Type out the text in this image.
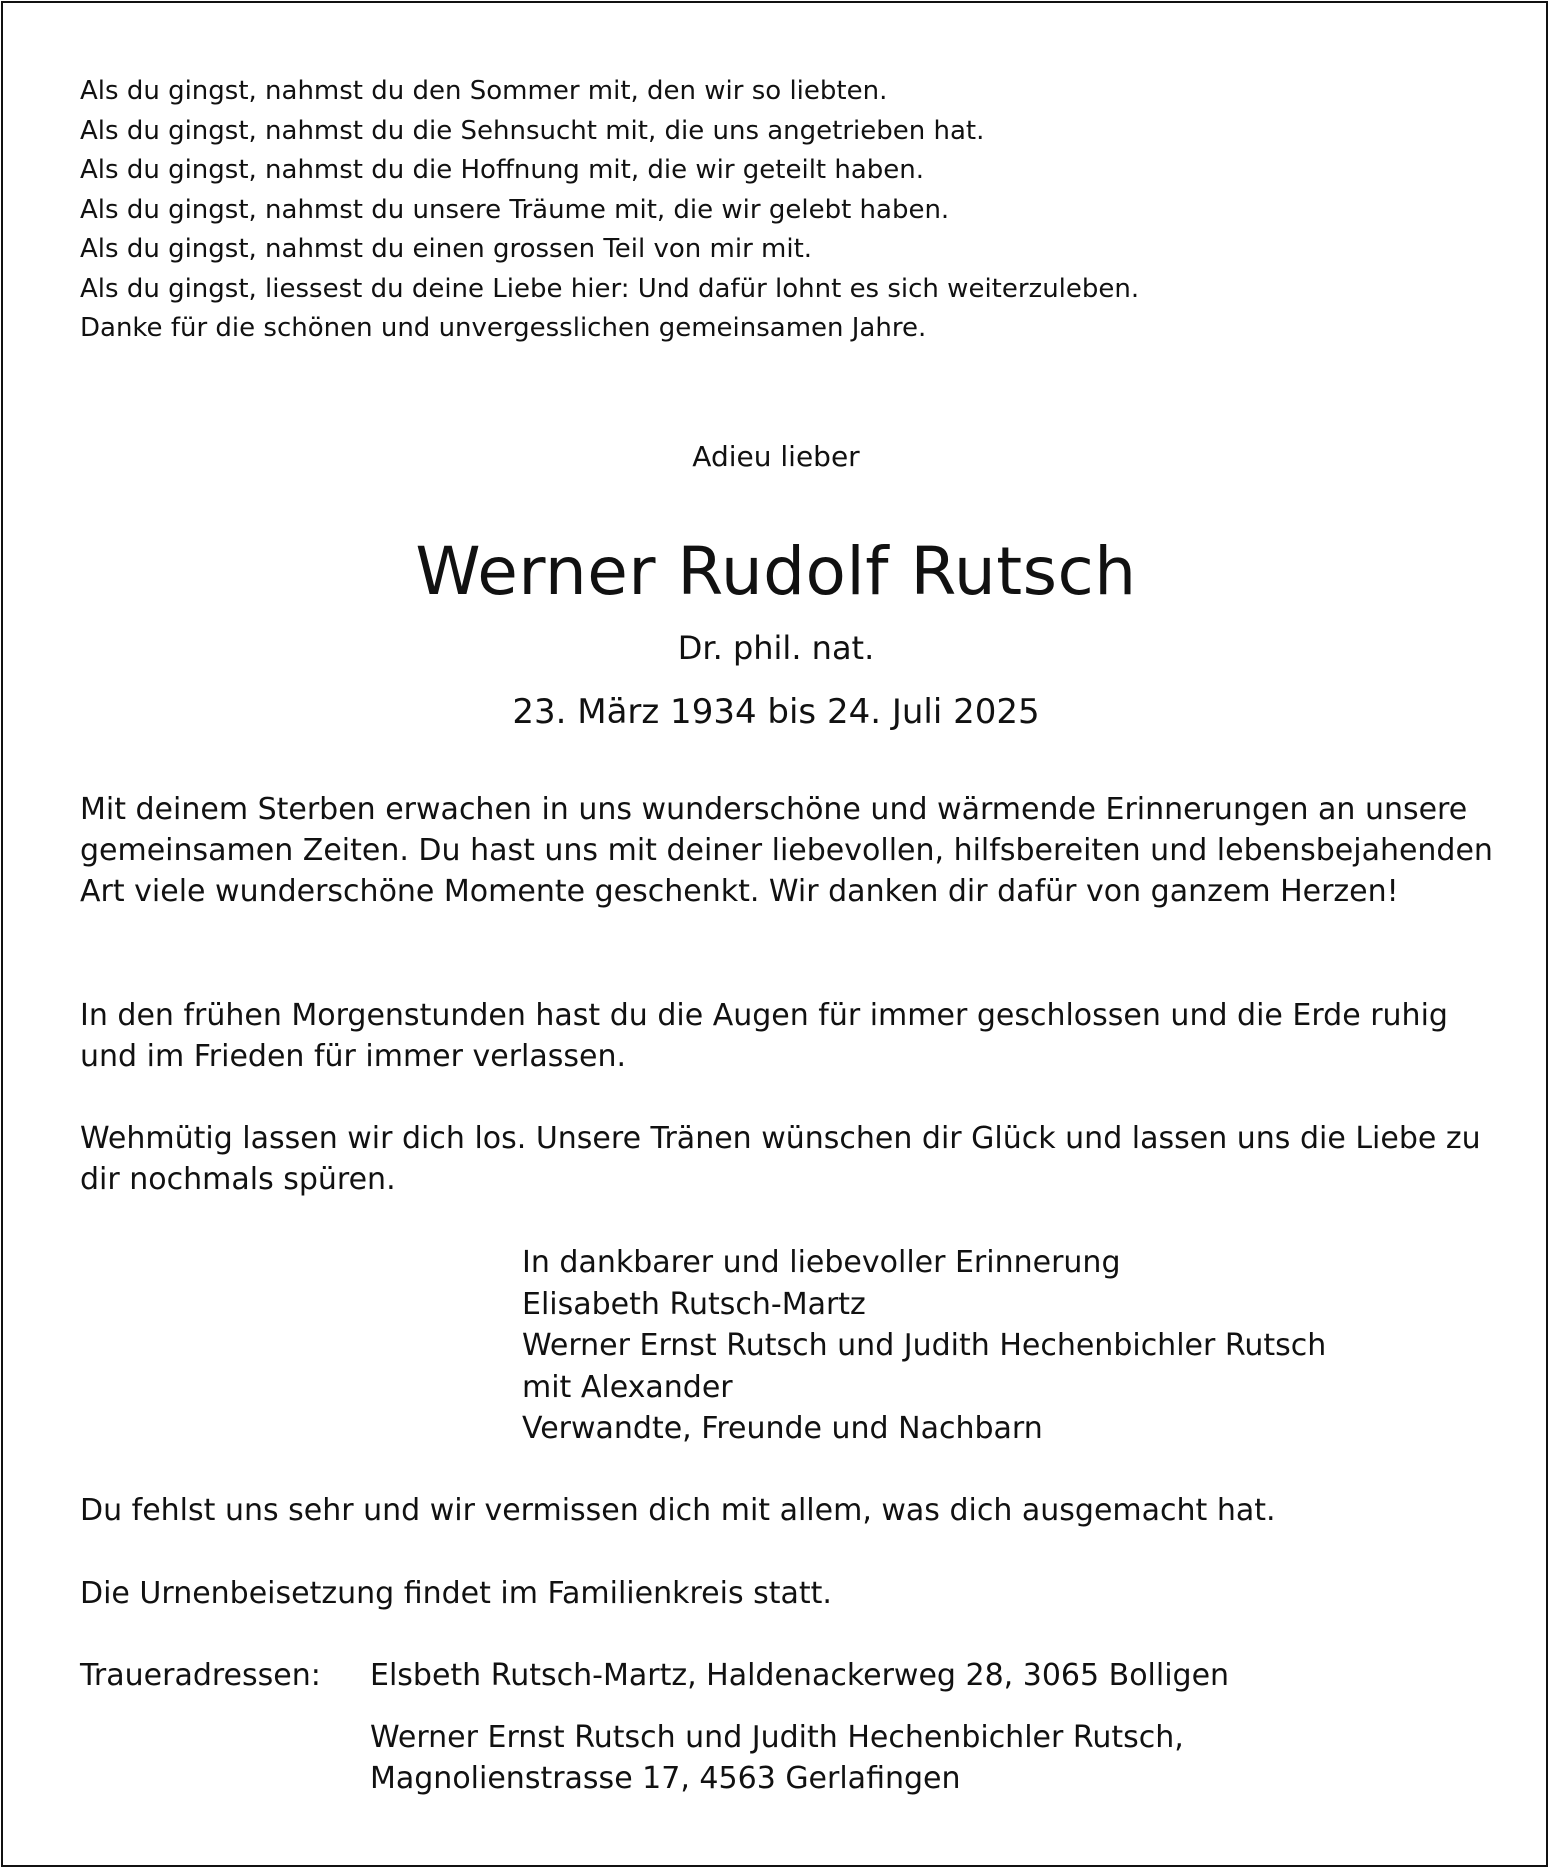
Als du gingst, nahmst du den Sommer mit, den wir so liebten.
Als du gingst, nahmst du die Sehnsucht mit, die uns angetrieben hat.
Als du gingst, nahmst du die Hoffnung mit, die wir geteilt haben.
Als du gingst, nahmst du unsere Träume mit, die wir gelebt haben.
Als du gingst, nahmst du einen grossen Teil von mir mit.
Als du gingst, liessest du deine Liebe hier: Und dafür lohnt es sich weiterzuleben.
Danke für die schönen und unvergesslichen gemeinsamen Jahre.
Adieu lieber
Werner Rudolf Rutsch
Dr. phil. nat.
23. März 1934 bis 24. Juli 2025

Mit deinem Sterben erwachen in uns wunderschöne und wärmende Erinnerungen an unsere gemeinsamen Zeiten. Du hast uns mit deiner liebevollen, hilfsbereiten und lebensbejahenden Art viele wunderschöne Momente geschenkt. Wir danken dir dafür von ganzem Herzen!

In den frühen Morgenstunden hast du die Augen für immer geschlossen und die Erde ruhig und im Frieden für immer verlassen.

Wehmütig lassen wir dich los. Unsere Tränen wünschen dir Glück und lassen uns die Liebe zu dir nochmals spüren.

In dankbarer und liebevoller Erinnerung
Elisabeth Rutsch-Martz
Werner Ernst Rutsch und Judith Hechenbichler Rutsch
mit Alexander
Verwandte, Freunde und Nachbarn

Du fehlst uns sehr und wir vermissen dich mit allem, was dich ausgemacht hat.

Die Urnenbeisetzung findet im Familienkreis statt.

Traueradressen: Elsbeth Rutsch-Martz, Haldenackerweg 28, 3065 Bolligen
Werner Ernst Rutsch und Judith Hechenbichler Rutsch,
Magnolienstrasse 17, 4563 Gerlafingen
